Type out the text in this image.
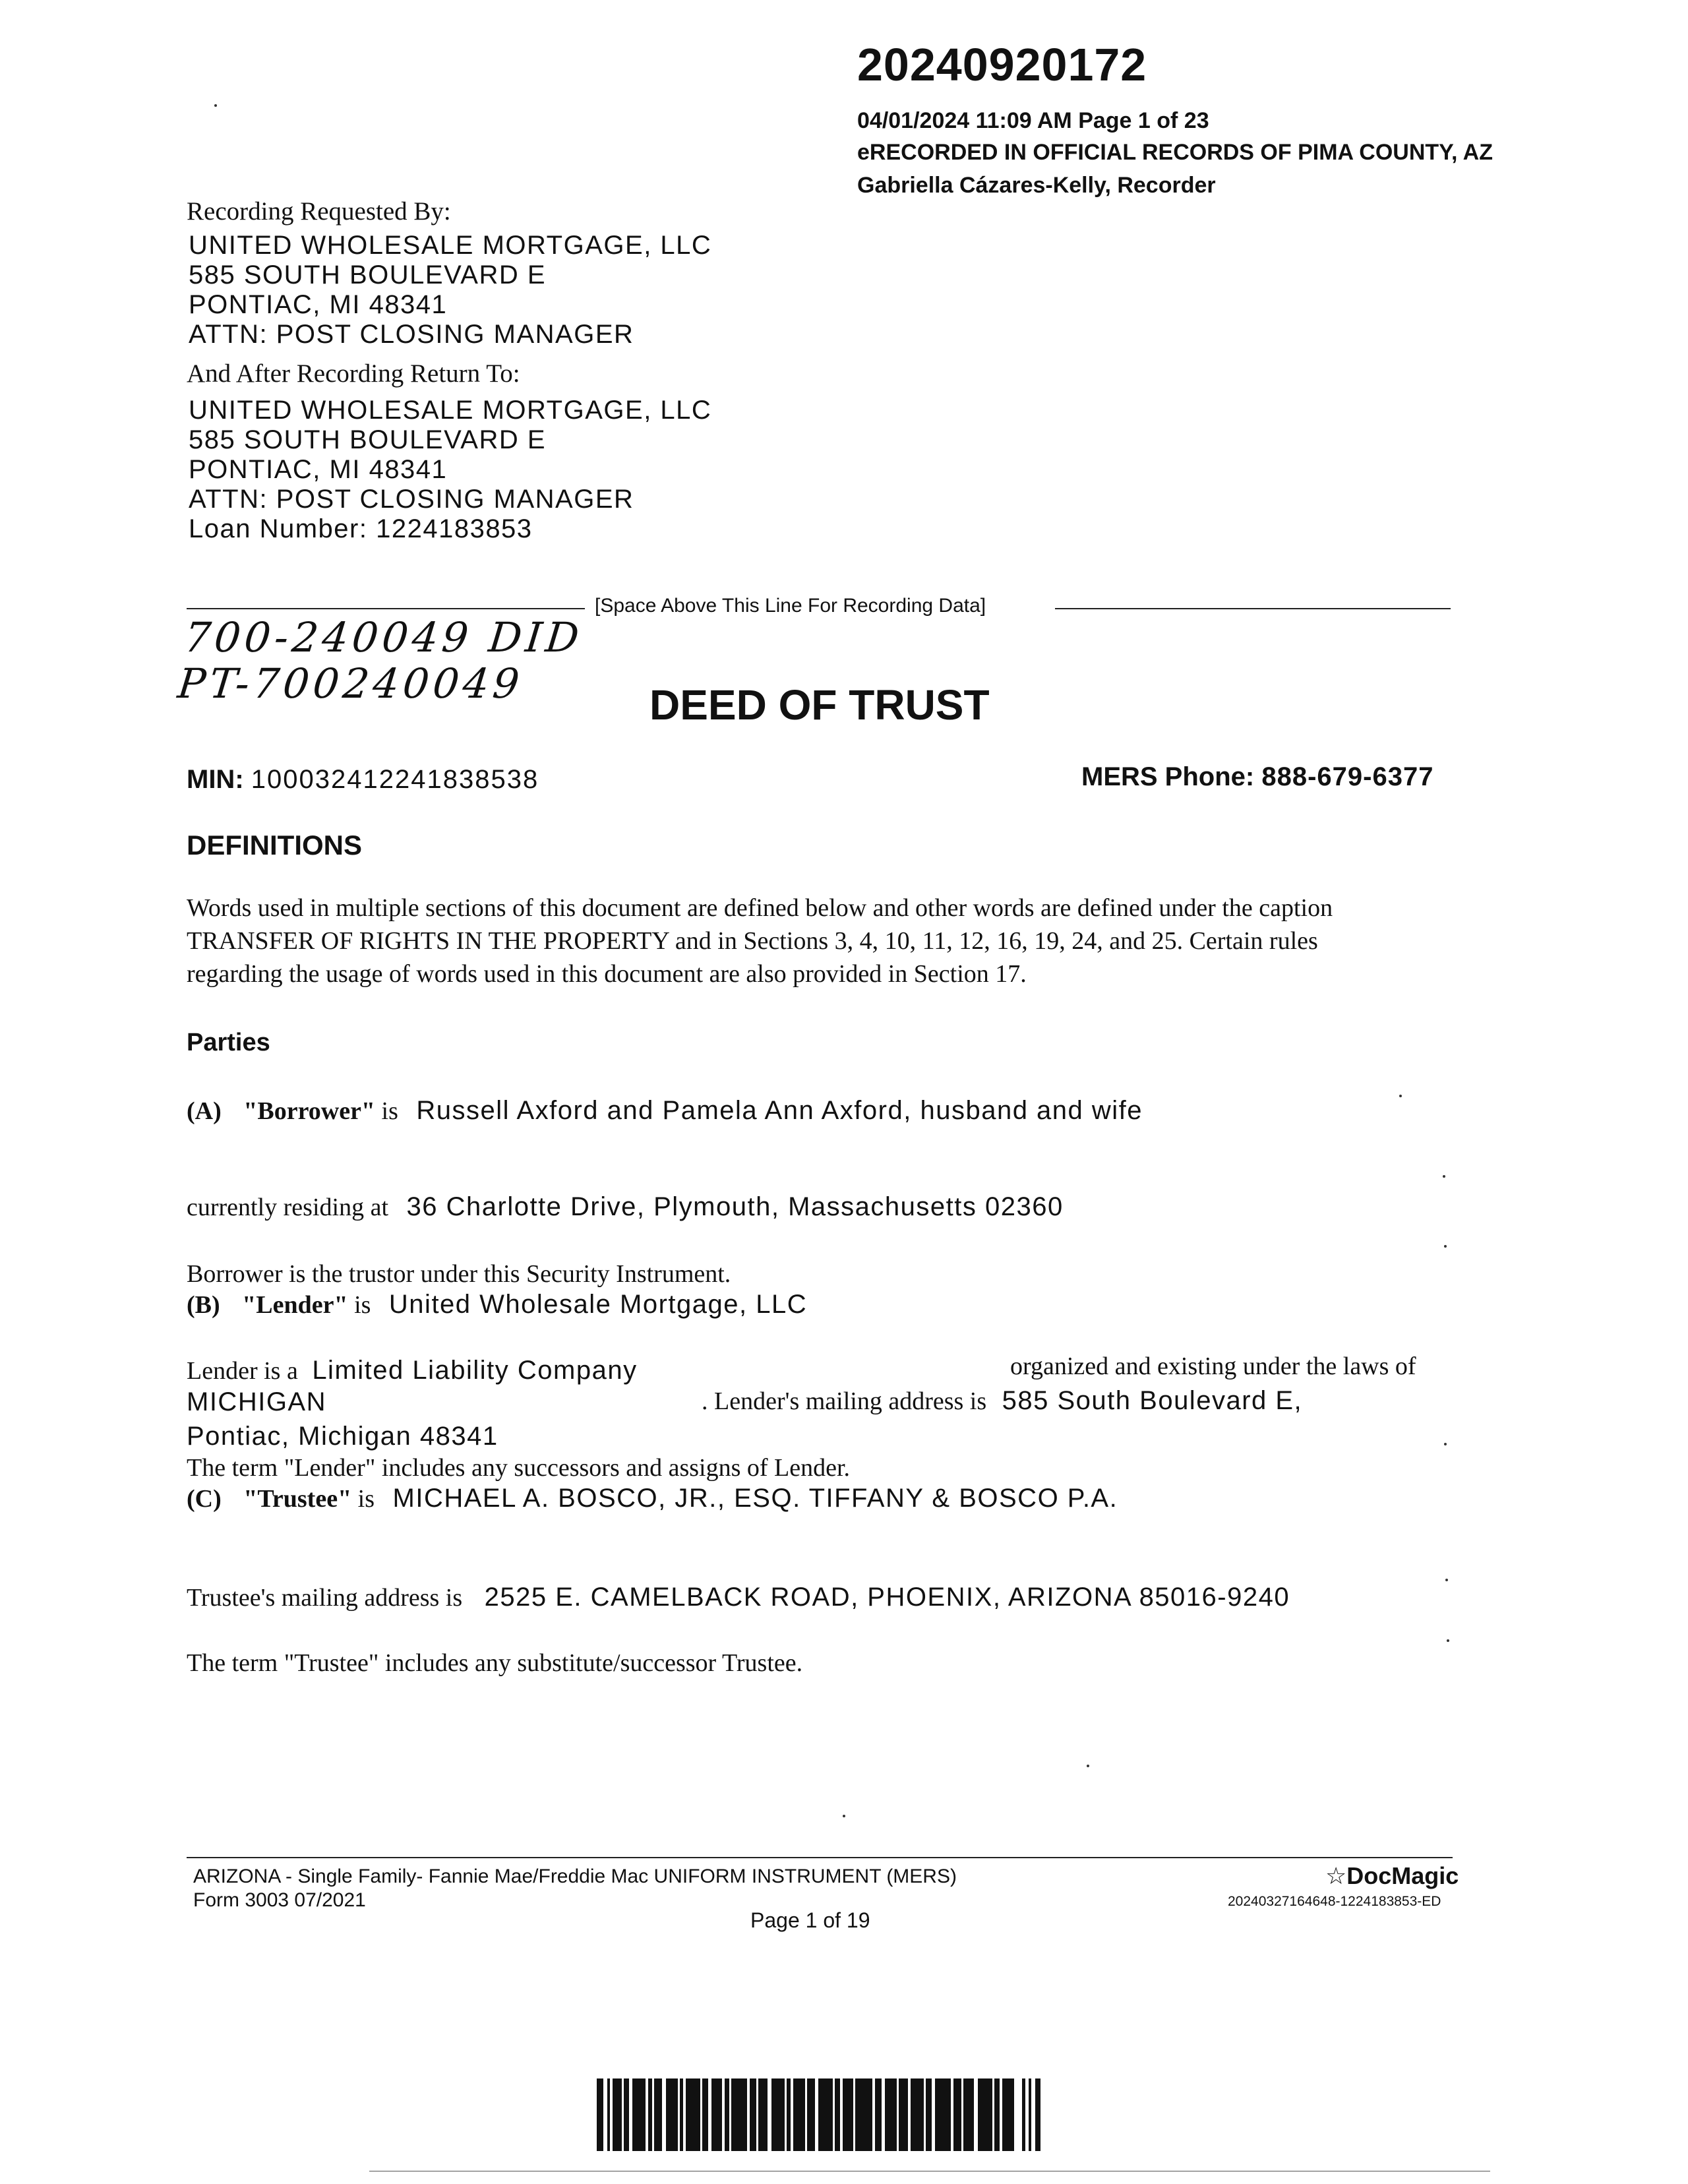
20240920172
04/01/2024 11:09 AM Page 1 of 23
eRECORDED IN OFFICIAL RECORDS OF PIMA COUNTY, AZ
Gabriella Cázares-Kelly, Recorder
Recording Requested By:
UNITED WHOLESALE MORTGAGE, LLC
585 SOUTH BOULEVARD E
PONTIAC, MI 48341
ATTN: POST CLOSING MANAGER
And After Recording Return To:
UNITED WHOLESALE MORTGAGE, LLC
585 SOUTH BOULEVARD E
PONTIAC, MI 48341
ATTN: POST CLOSING MANAGER
Loan Number: 1224183853
[Space Above This Line For Recording Data]
700-240049 DID
PT-700240049	DEED OF TRUST
MIN: 100032412241838538	MERS Phone: 888-679-6377
DEFINITIONS
Words used in multiple sections of this document are defined below and other words are defined under the caption
TRANSFER OF RIGHTS IN THE PROPERTY and in Sections 3, 4, 10, 11, 12, 16, 19, 24, and 25. Certain rules
regarding the usage of words used in this document are also provided in Section 17.
Parties
(A) "Borrower" is Russell Axford and Pamela Ann Axford, husband and wife
currently residing at 36 Charlotte Drive, Plymouth, Massachusetts 02360
Borrower is the trustor under this Security Instrument.
(B) "Lender" is United Wholesale Mortgage, LLC
Lender is a Limited Liability Company	organized and existing under the laws of
MICHIGAN	. Lender's mailing address is 585 South Boulevard E,
Pontiac, Michigan 48341
The term "Lender" includes any successors and assigns of Lender.
(C) "Trustee" is MICHAEL A. BOSCO, JR., ESQ. TIFFANY & BOSCO P.A.
Trustee's mailing address is 2525 E. CAMELBACK ROAD, PHOENIX, ARIZONA 85016-9240
The term "Trustee" includes any substitute/successor Trustee.
ARIZONA - Single Family- Fannie Mae/Freddie Mac UNIFORM INSTRUMENT (MERS)
Form 3003 07/2021
Page 1 of 19
☆DocMagic
20240327164648-1224183853-ED
